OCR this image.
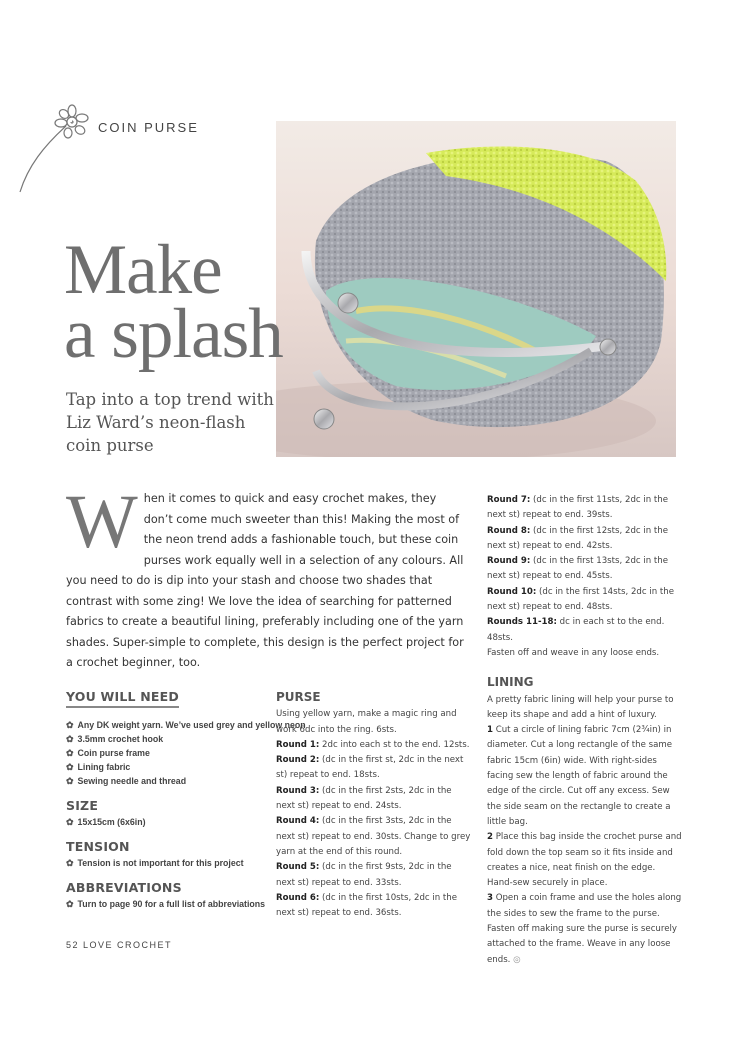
COIN PURSE
Make
a splash
Tap into a top trend with Liz Ward’s neon-flash coin purse
When it comes to quick and easy crochet makes, they don’t come much sweeter than this! Making the most of the neon trend adds a fashionable touch, but these coin purses work equally well in a selection of any colours. All you need to do is dip into your stash and choose two shades that contrast with some zing! We love the idea of searching for patterned fabrics to create a beautiful lining, preferably including one of the yarn shades. Super-simple to complete, this design is the perfect project for a crochet beginner, too.
YOU WILL NEED
✿ Any DK weight yarn. We’ve used grey and yellow neon
✿ 3.5mm crochet hook
✿ Coin purse frame
✿ Lining fabric
✿ Sewing needle and thread
SIZE
✿ 15x15cm (6x6in)
TENSION
✿ Tension is not important for this project
ABBREVIATIONS
✿ Turn to page 90 for a full list of abbreviations
PURSE

Using yellow yarn, make a magic ring and work 6dc into the ring. 6sts.

Round 1: 2dc into each st to the end. 12sts.

Round 2: (dc in the first st, 2dc in the next st) repeat to end. 18sts.

Round 3: (dc in the first 2sts, 2dc in the next st) repeat to end. 24sts.

Round 4: (dc in the first 3sts, 2dc in the next st) repeat to end. 30sts. Change to grey yarn at the end of this round.

Round 5: (dc in the first 9sts, 2dc in the next st) repeat to end. 33sts.

Round 6: (dc in the first 10sts, 2dc in the next st) repeat to end. 36sts.

Round 7: (dc in the first 11sts, 2dc in the next st) repeat to end. 39sts.

Round 8: (dc in the first 12sts, 2dc in the next st) repeat to end. 42sts.

Round 9: (dc in the first 13sts, 2dc in the next st) repeat to end. 45sts.

Round 10: (dc in the first 14sts, 2dc in the next st) repeat to end. 48sts.

Rounds 11-18: dc in each st to the end. 48sts.

Fasten off and weave in any loose ends.

LINING

A pretty fabric lining will help your purse to keep its shape and add a hint of luxury.

1 Cut a circle of lining fabric 7cm (2¾in) in diameter. Cut a long rectangle of the same fabric 15cm (6in) wide. With right-sides facing sew the length of fabric around the edge of the circle. Cut off any excess. Sew the side seam on the rectangle to create a little bag.

2 Place this bag inside the crochet purse and fold down the top seam so it fits inside and creates a nice, neat finish on the edge. Hand-sew securely in place.

3 Open a coin frame and use the holes along the sides to sew the frame to the purse. Fasten off making sure the purse is securely attached to the frame. Weave in any loose ends. ◎

52 LOVE CROCHET
